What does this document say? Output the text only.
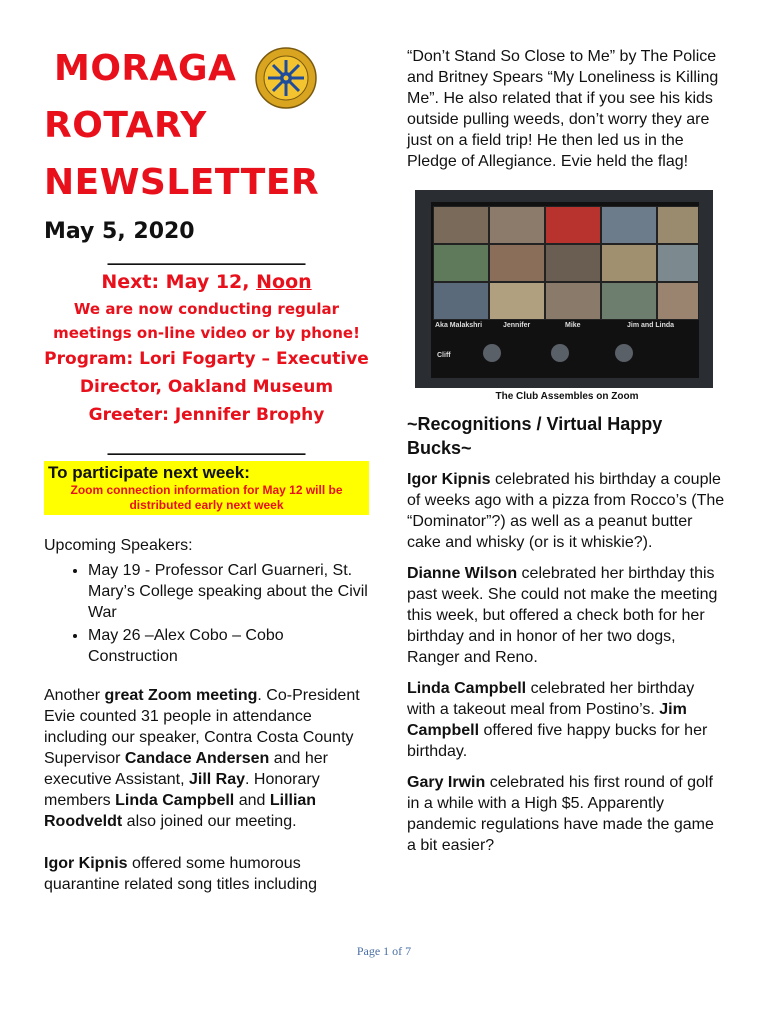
MORAGA
ROTARY
NEWSLETTER
May 5, 2020
______________________
Next: May 12, Noon
We are now conducting regular meetings on-line video or by phone!
Program: Lori Fogarty – Executive Director, Oakland Museum
Greeter: Jennifer Brophy
______________________
To participate next week:
Zoom connection information for May 12 will be distributed early next week
Upcoming Speakers:
• May 19 - Professor Carl Guarneri, St. Mary’s College speaking about the Civil War
• May 26 –Alex Cobo – Cobo Construction
Another great Zoom meeting. Co-President Evie counted 31 people in attendance including our speaker, Contra Costa County Supervisor Candace Andersen and her executive Assistant, Jill Ray. Honorary members Linda Campbell and Lillian Roodveldt also joined our meeting.
Igor Kipnis offered some humorous quarantine related song titles including
“Don’t Stand So Close to Me” by The Police and Britney Spears “My Loneliness is Killing Me”. He also related that if you see his kids outside pulling weeds, don’t worry they are just on a field trip! He then led us in the Pledge of Allegiance. Evie held the flag!
Aka Malakshri	Jennifer	Mike	Jim and Linda
Cliff
The Club Assembles on Zoom
~Recognitions / Virtual Happy Bucks~
Igor Kipnis celebrated his birthday a couple of weeks ago with a pizza from Rocco’s (The “Dominator”?) as well as a peanut butter cake and whisky (or is it whiskie?).
Dianne Wilson celebrated her birthday this past week. She could not make the meeting this week, but offered a check both for her birthday and in honor of her two dogs, Ranger and Reno.
Linda Campbell celebrated her birthday with a takeout meal from Postino’s. Jim Campbell offered five happy bucks for her birthday.
Gary Irwin celebrated his first round of golf in a while with a High $5. Apparently pandemic regulations have made the game a bit easier?
Page 1 of 7
